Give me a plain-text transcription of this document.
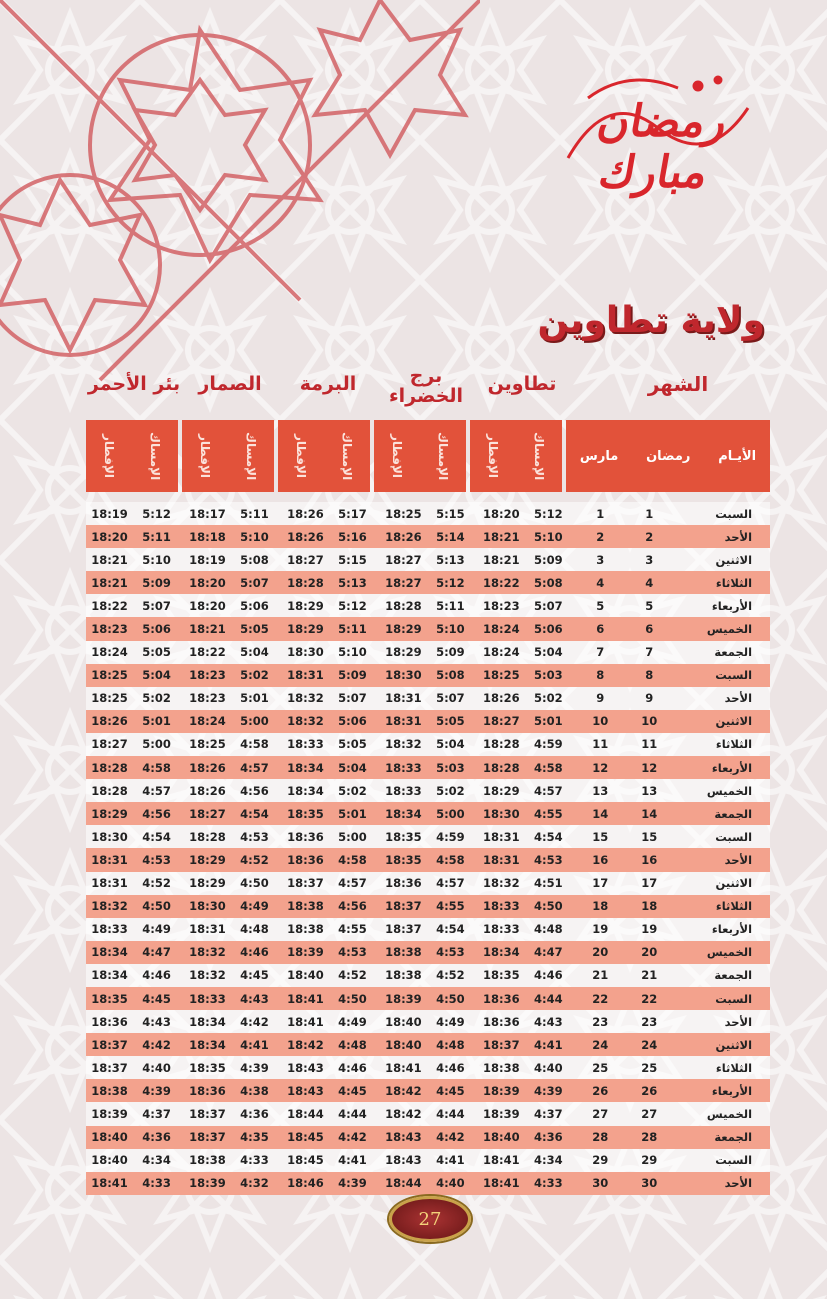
رمضان مبارك
ولاية تطاوين
الشهر
تطاوين
برج
الخضراء
البرمة
الصمار
بئر الأحمر
الإفطار	الإمساك	الإفطار	الإمساك	الإفطار	الإمساك	الإفطار	الإمساك	الإفطار	الإمساك	الأيـام
رمضان
مارس
18:19	5:12	18:17	5:11	18:26	5:17	18:25	5:15	18:20	5:12	1	1	السبت
18:20	5:11	18:18	5:10	18:26	5:16	18:26	5:14	18:21	5:10	2	2	الأحد
18:21	5:10	18:19	5:08	18:27	5:15	18:27	5:13	18:21	5:09	3	3	الاثنين
18:21	5:09	18:20	5:07	18:28	5:13	18:27	5:12	18:22	5:08	4	4	الثلاثاء
18:22	5:07	18:20	5:06	18:29	5:12	18:28	5:11	18:23	5:07	5	5	الأربعاء
18:23	5:06	18:21	5:05	18:29	5:11	18:29	5:10	18:24	5:06	6	6	الخميس
18:24	5:05	18:22	5:04	18:30	5:10	18:29	5:09	18:24	5:04	7	7	الجمعة
18:25	5:04	18:23	5:02	18:31	5:09	18:30	5:08	18:25	5:03	8	8	السبت
18:25	5:02	18:23	5:01	18:32	5:07	18:31	5:07	18:26	5:02	9	9	الأحد
18:26	5:01	18:24	5:00	18:32	5:06	18:31	5:05	18:27	5:01	10	10	الاثنين
18:27	5:00	18:25	4:58	18:33	5:05	18:32	5:04	18:28	4:59	11	11	الثلاثاء
18:28	4:58	18:26	4:57	18:34	5:04	18:33	5:03	18:28	4:58	12	12	الأربعاء
18:28	4:57	18:26	4:56	18:34	5:02	18:33	5:02	18:29	4:57	13	13	الخميس
18:29	4:56	18:27	4:54	18:35	5:01	18:34	5:00	18:30	4:55	14	14	الجمعة
18:30	4:54	18:28	4:53	18:36	5:00	18:35	4:59	18:31	4:54	15	15	السبت
18:31	4:53	18:29	4:52	18:36	4:58	18:35	4:58	18:31	4:53	16	16	الأحد
18:31	4:52	18:29	4:50	18:37	4:57	18:36	4:57	18:32	4:51	17	17	الاثنين
18:32	4:50	18:30	4:49	18:38	4:56	18:37	4:55	18:33	4:50	18	18	الثلاثاء
18:33	4:49	18:31	4:48	18:38	4:55	18:37	4:54	18:33	4:48	19	19	الأربعاء
18:34	4:47	18:32	4:46	18:39	4:53	18:38	4:53	18:34	4:47	20	20	الخميس
18:34	4:46	18:32	4:45	18:40	4:52	18:38	4:52	18:35	4:46	21	21	الجمعة
18:35	4:45	18:33	4:43	18:41	4:50	18:39	4:50	18:36	4:44	22	22	السبت
18:36	4:43	18:34	4:42	18:41	4:49	18:40	4:49	18:36	4:43	23	23	الأحد
18:37	4:42	18:34	4:41	18:42	4:48	18:40	4:48	18:37	4:41	24	24	الاثنين
18:37	4:40	18:35	4:39	18:43	4:46	18:41	4:46	18:38	4:40	25	25	الثلاثاء
18:38	4:39	18:36	4:38	18:43	4:45	18:42	4:45	18:39	4:39	26	26	الأربعاء
18:39	4:37	18:37	4:36	18:44	4:44	18:42	4:44	18:39	4:37	27	27	الخميس
18:40	4:36	18:37	4:35	18:45	4:42	18:43	4:42	18:40	4:36	28	28	الجمعة
18:40	4:34	18:38	4:33	18:45	4:41	18:43	4:41	18:41	4:34	29	29	السبت
18:41	4:33	18:39	4:32	18:46	4:39	18:44	4:40	18:41	4:33	30	30	الأحد
27
